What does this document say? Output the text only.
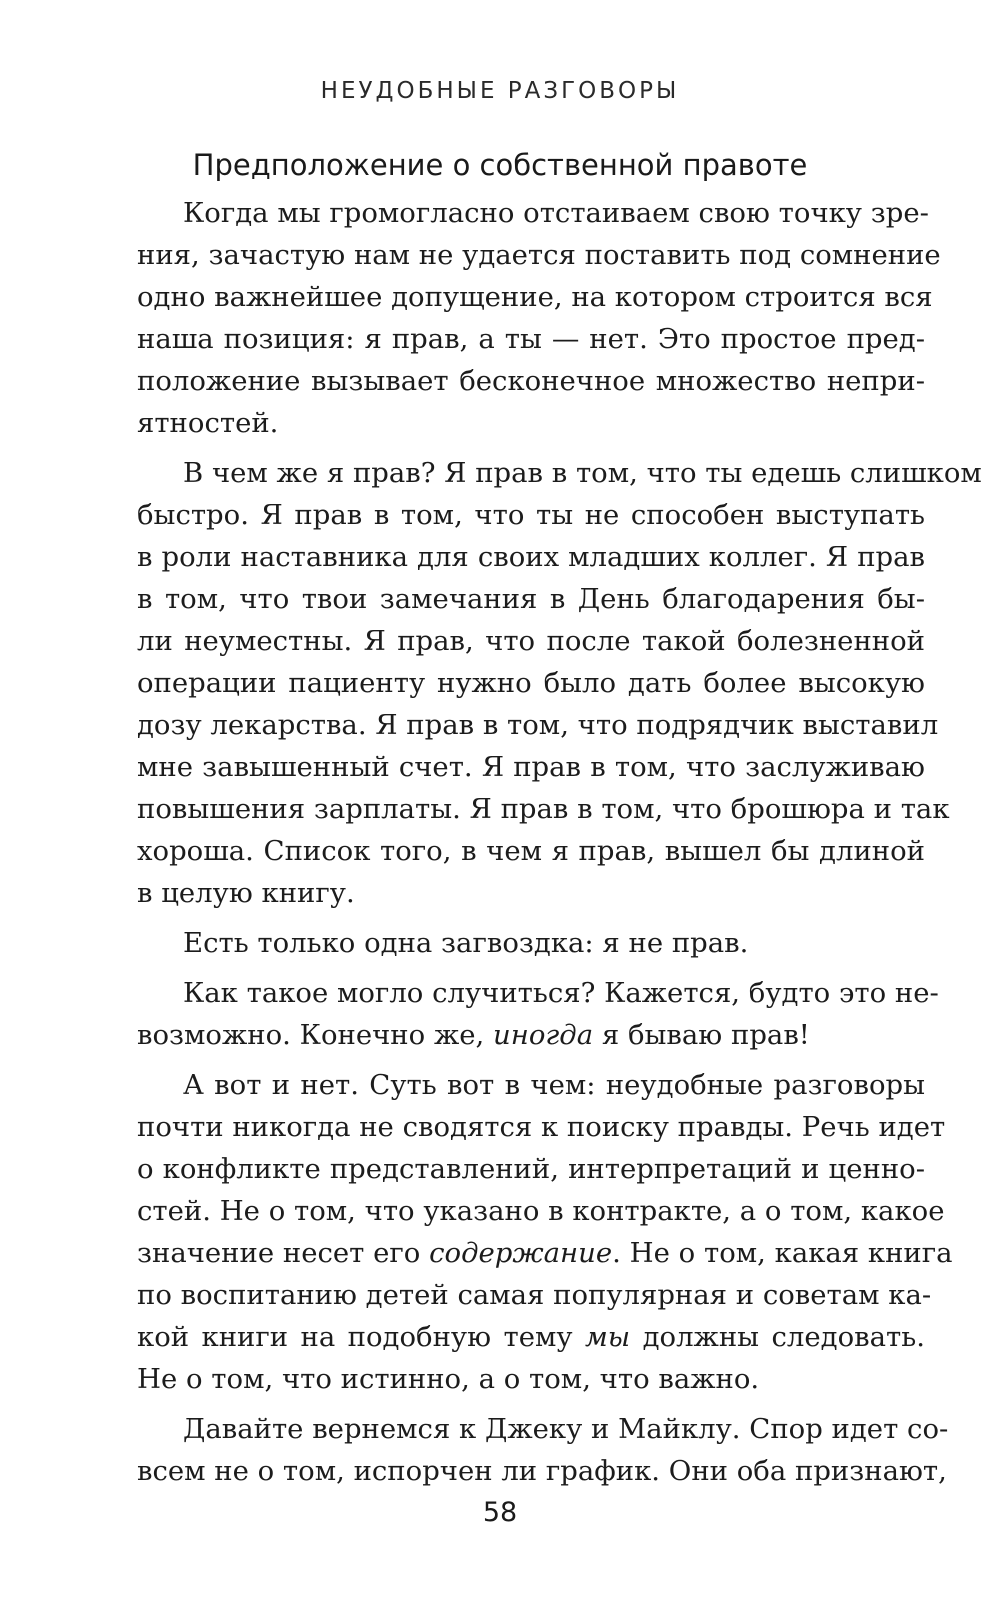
НЕУДОБНЫЕ РАЗГОВОРЫ
Предположение о собственной правоте
Когда мы громогласно отстаиваем свою точку зре-
ния, зачастую нам не удается поставить под сомнение
одно важнейшее допущение, на котором строится вся
наша позиция: я прав, а ты — нет. Это простое пред-
положение вызывает бесконечное множество непри-
ятностей.
В чем же я прав? Я прав в том, что ты едешь слишком
быстро. Я прав в том, что ты не способен выступать
в роли наставника для своих младших коллег. Я прав
в том, что твои замечания в День благодарения бы-
ли неуместны. Я прав, что после такой болезненной
операции пациенту нужно было дать более высокую
дозу лекарства. Я прав в том, что подрядчик выставил
мне завышенный счет. Я прав в том, что заслуживаю
повышения зарплаты. Я прав в том, что брошюра и так
хороша. Список того, в чем я прав, вышел бы длиной
в целую книгу.
Есть только одна загвоздка: я не прав.
Как такое могло случиться? Кажется, будто это не-
возможно. Конечно же, иногда я бываю прав!
А вот и нет. Суть вот в чем: неудобные разговоры
почти никогда не сводятся к поиску правды. Речь идет
о конфликте представлений, интерпретаций и ценно-
стей. Не о том, что указано в контракте, а о том, какое
значение несет его содержание. Не о том, какая книга
по воспитанию детей самая популярная и советам ка-
кой книги на подобную тему мы должны следовать.
Не о том, что истинно, а о том, что важно.
Давайте вернемся к Джеку и Майклу. Спор идет со-
всем не о том, испорчен ли график. Они оба признают,
58
